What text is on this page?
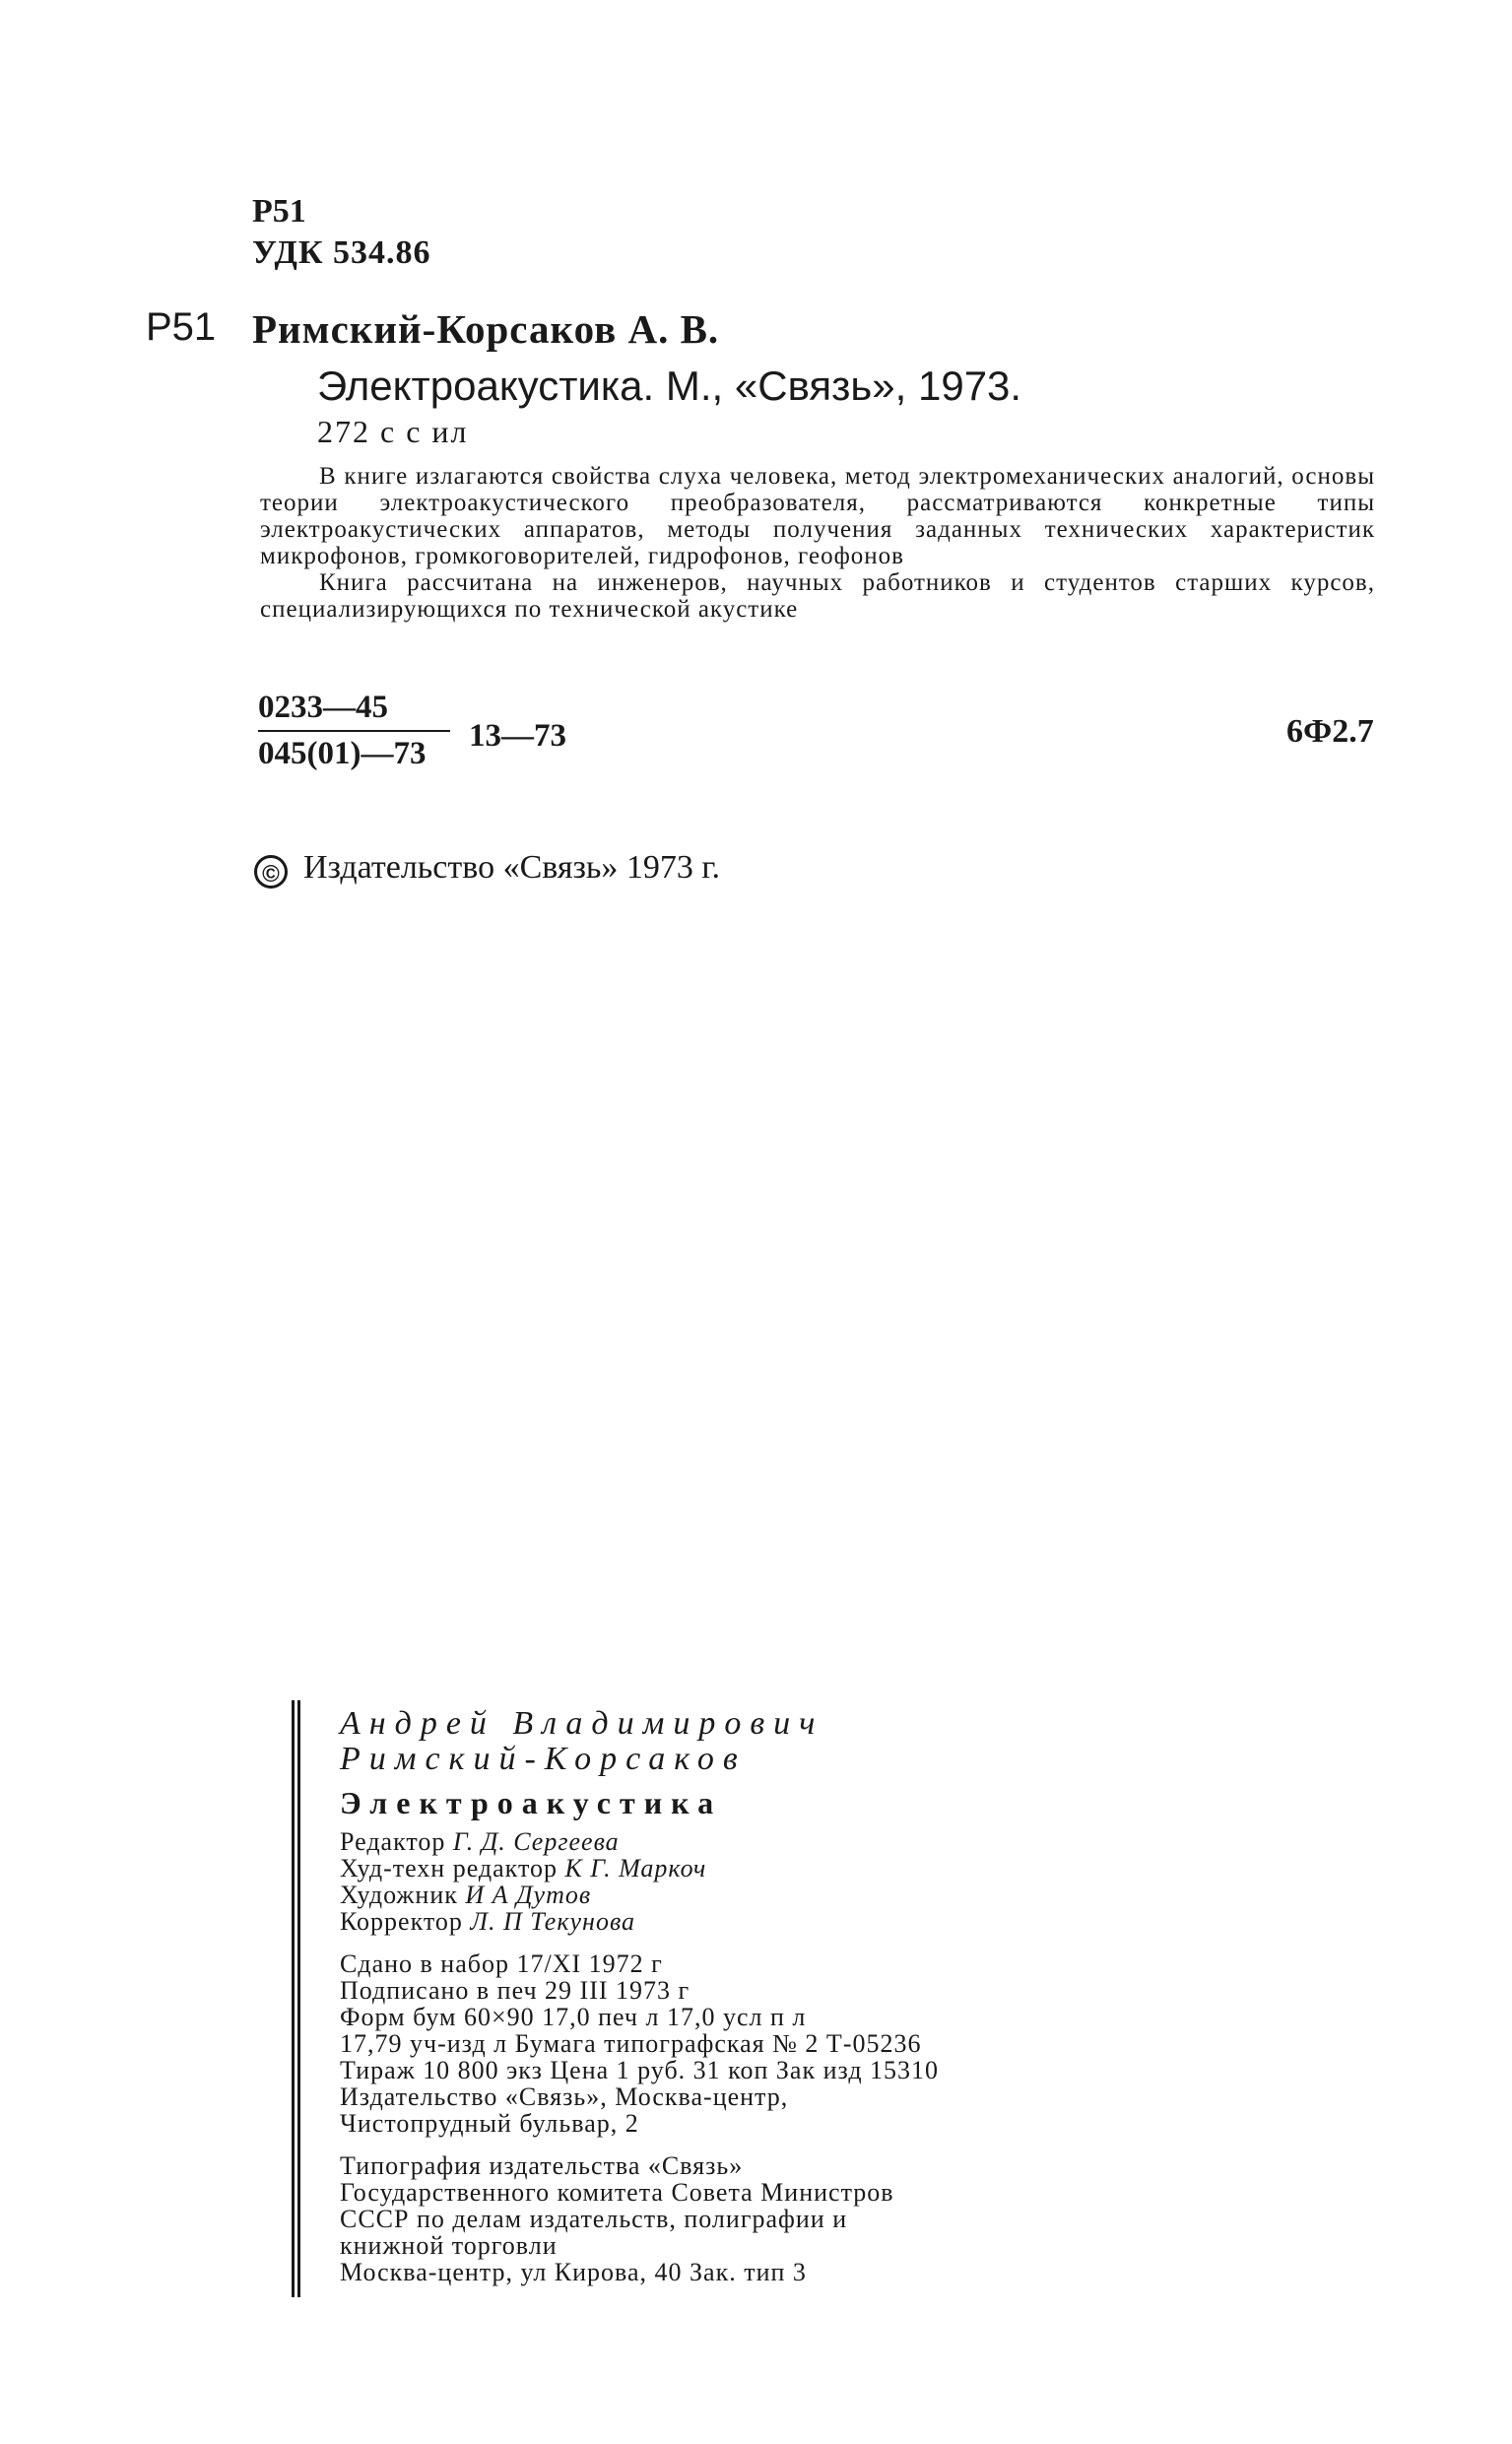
Р51
УДК 534.86
Р51 Римский-Корсаков А. В.
Электроакустика. М., «Связь», 1973.
272 с с ил

В книге излагаются свойства слуха человека, метод электромеханических аналогий, основы теории электроакустического преобразователя, рассматриваются конкретные типы электроакустических аппаратов, методы получения заданных технических характеристик микрофонов, громкоговорителей, гидрофонов, геофонов

Книга рассчитана на инженеров, научных работников и студентов старших курсов, специализирующихся по технической акустике

$\frac{0233—45}{045(01)—73}$ 13—73	6Ф2.7
© Издательство «Связь» 1973 г.
Андрей Владимирович
Римский-Корсаков
Электроакустика
Редактор Г. Д. Сергеева
Худ-техн редактор К Г. Маркоч
Художник И А Дутов
Корректор Л. П Текунова
Сдано в набор 17/XI 1972 г
Подписано в печ 29 III 1973 г
Форм бум 60×90 17,0 печ л 17,0 усл п л
17,79 уч-изд л Бумага типографская № 2 Т-05236
Тираж 10 800 экз Цена 1 руб. 31 коп Зак изд 15310
Издательство «Связь», Москва-центр,
Чистопрудный бульвар, 2
Типография издательства «Связь»
Государственного комитета Совета Министров
СССР по делам издательств, полиграфии и
книжной торговли
Москва-центр, ул Кирова, 40 Зак. тип 3
